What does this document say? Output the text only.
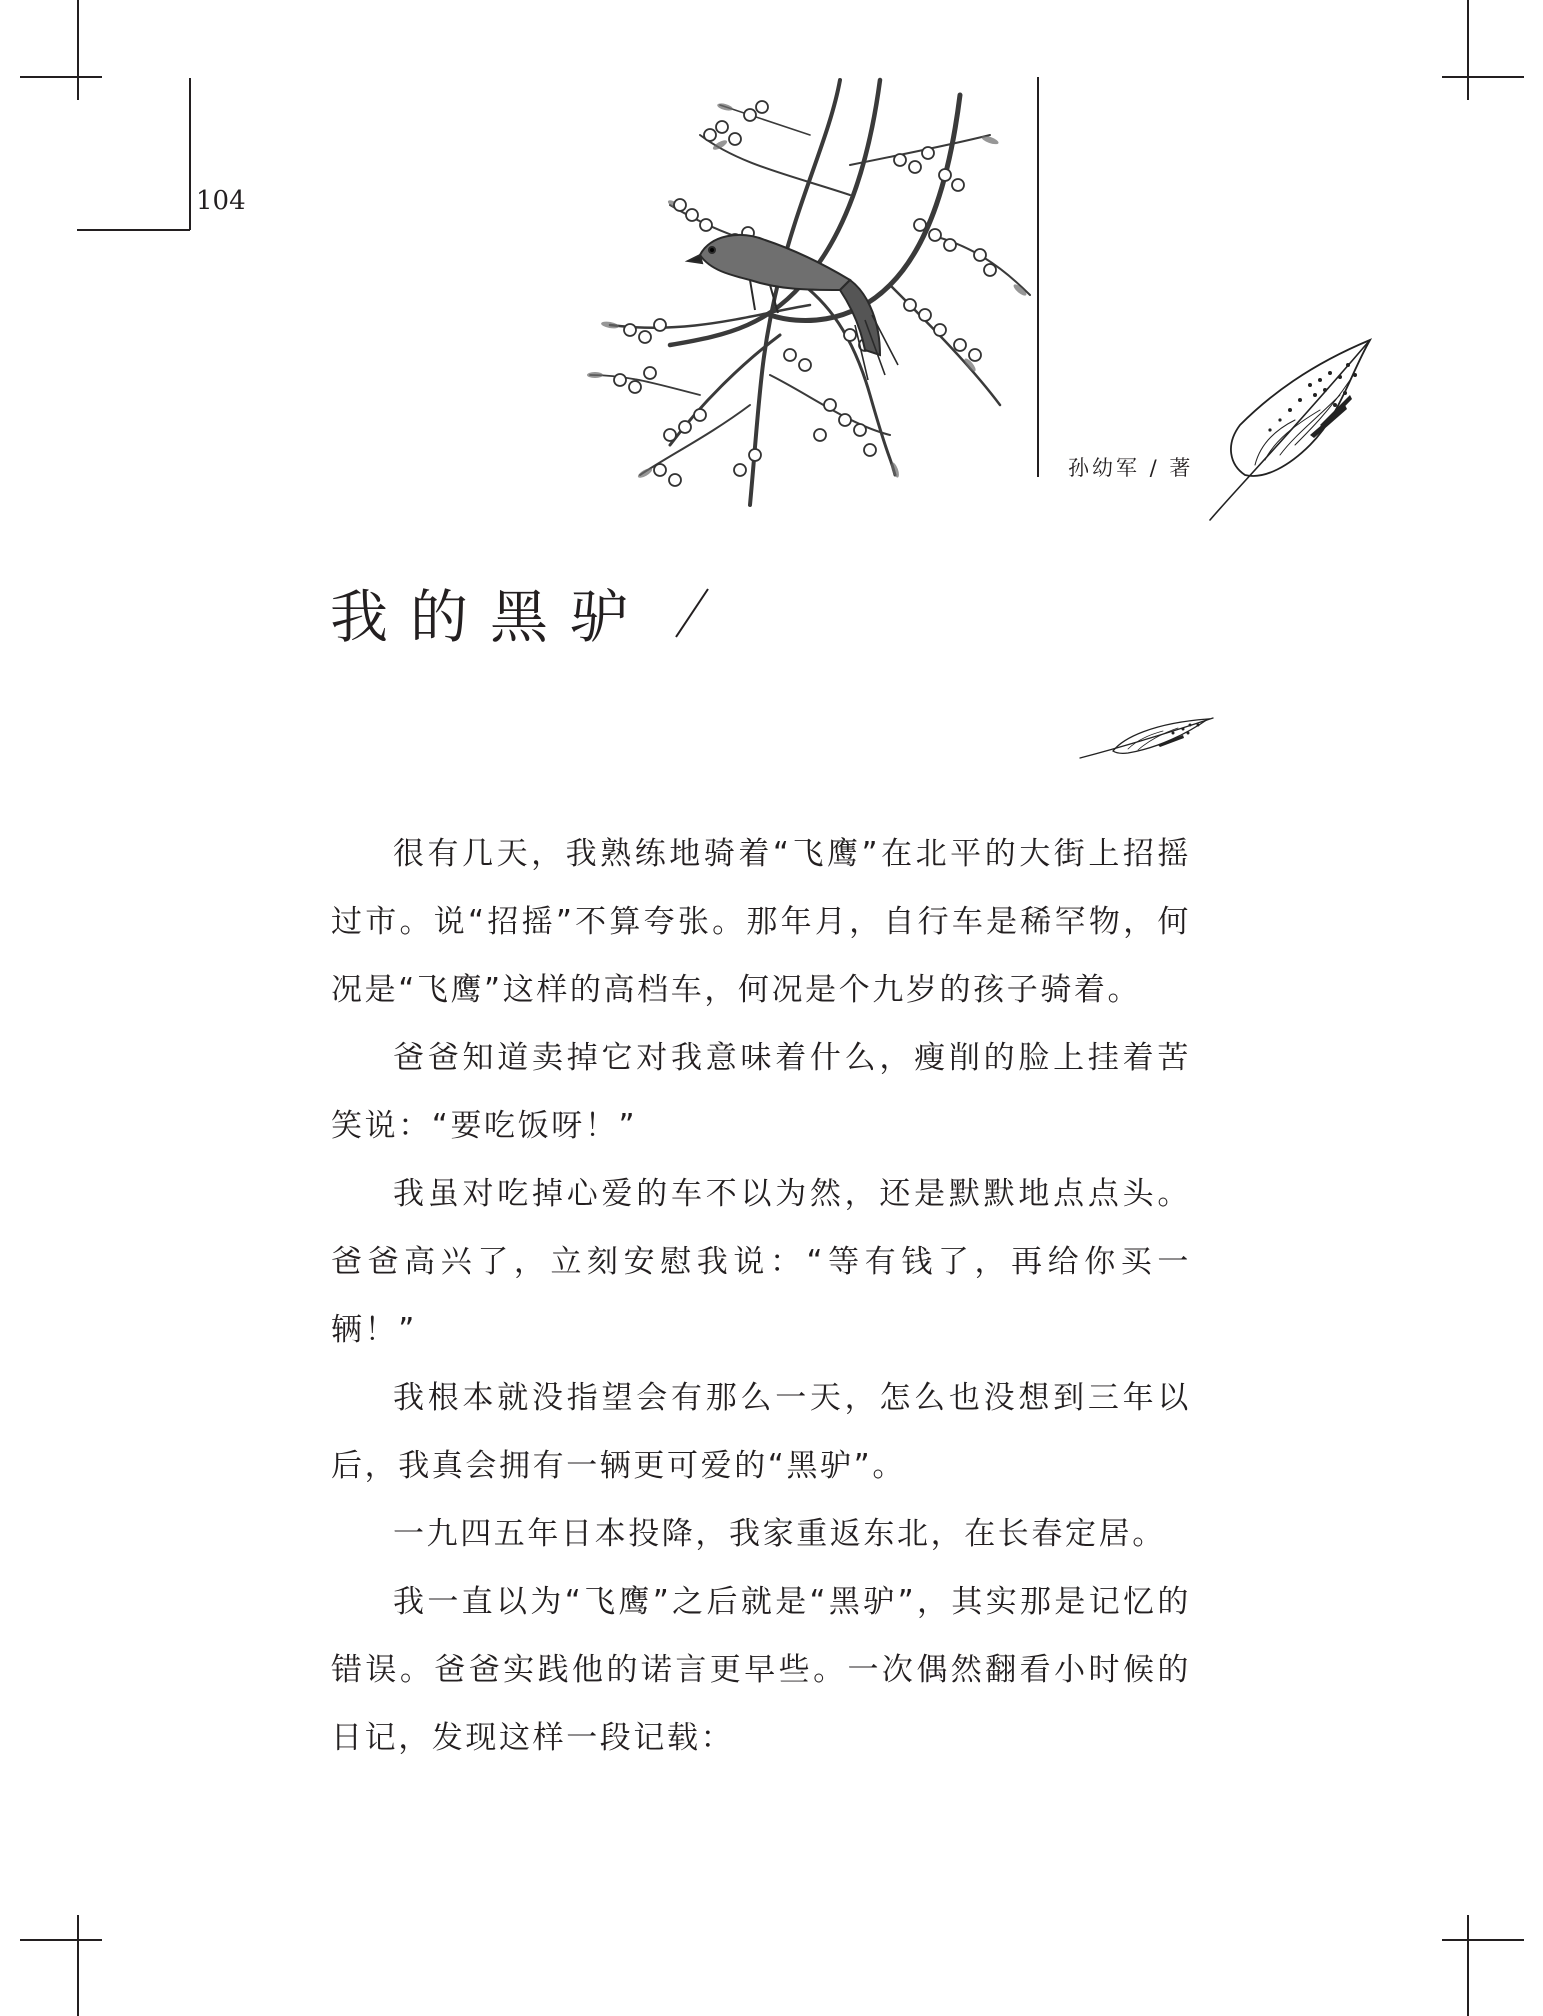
104
孙幼军 / 著
我的黑驴

很有几天，我熟练地骑着“飞鹰”在北平的大街上招摇过市。说“招摇”不算夸张。那年月，自行车是稀罕物，何况是“飞鹰”这样的高档车，何况是个九岁的孩子骑着。

爸爸知道卖掉它对我意味着什么，瘦削的脸上挂着苦笑说：“要吃饭呀！”

我虽对吃掉心爱的车不以为然，还是默默地点点头。爸爸高兴了，立刻安慰我说：“等有钱了，再给你买一辆！”

我根本就没指望会有那么一天，怎么也没想到三年以后，我真会拥有一辆更可爱的“黑驴”。

一九四五年日本投降，我家重返东北，在长春定居。

我一直以为“飞鹰”之后就是“黑驴”，其实那是记忆的错误。爸爸实践他的诺言更早些。一次偶然翻看小时候的日记，发现这样一段记载：
